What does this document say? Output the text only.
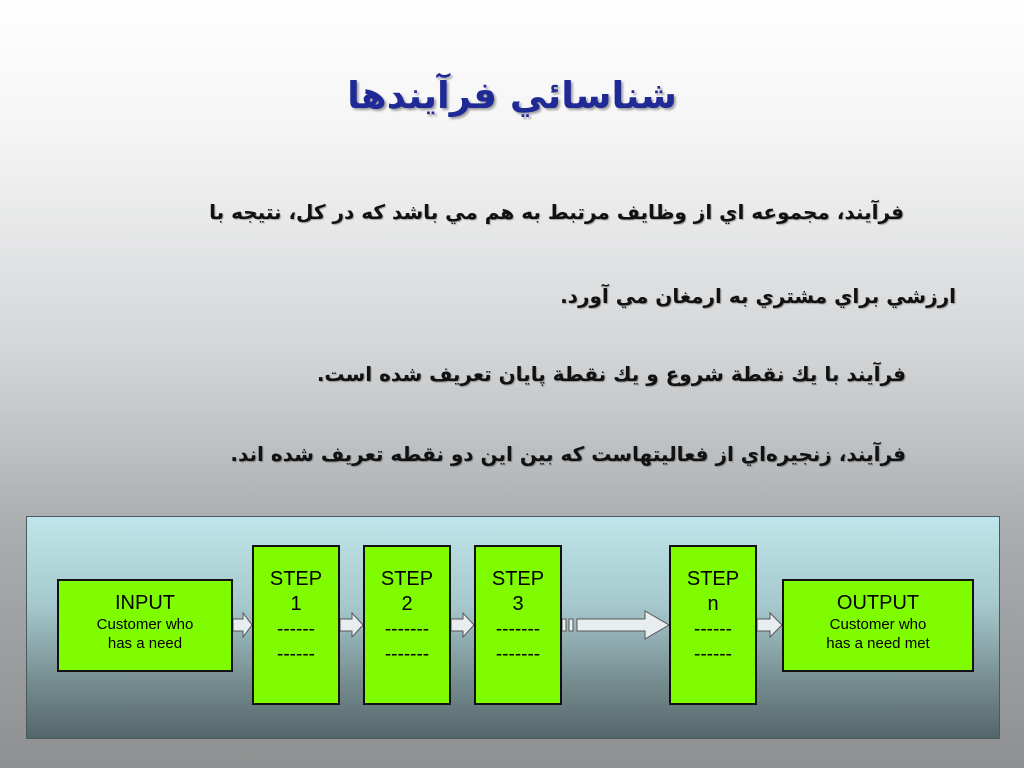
شناسائي فرآيندها
فرآيند، مجموعه اي از وظايف مرتبط به هم مي باشد كه در كل، نتيجه با
ارزشي براي مشتري به ارمغان مي آورد.
فرآيند با يك نقطة شروع و يك نقطة پايان تعريف شده است.
فرآيند، زنجيره‌اي از فعاليتهاست كه بين اين دو نقطه تعريف شده اند.
INPUT
Customer who
has a need
STEP
1
------
------
STEP
2
-------
-------
STEP
3
-------
-------
STEP
n
------
------
OUTPUT
Customer who
has a need met
